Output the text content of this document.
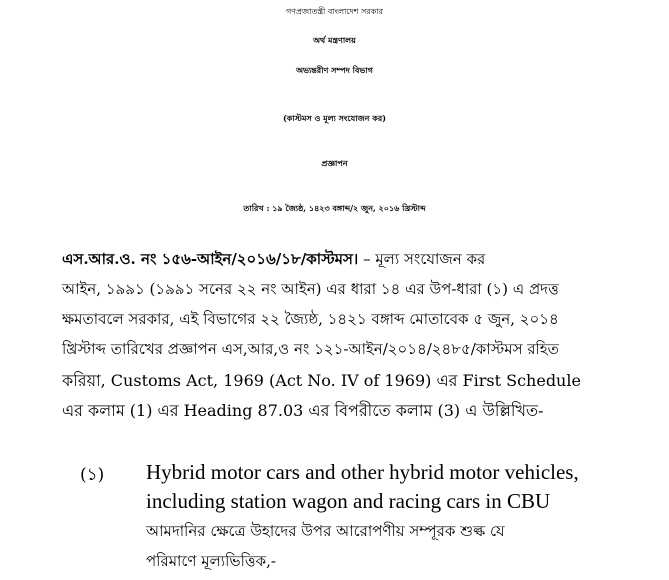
গণপ্রজাতন্ত্রী বাংলাদেশ সরকার
অর্থ মন্ত্রণালয়
অভ্যন্তরীণ সম্পদ বিভাগ
(কাস্টমস ও মূল্য সংযোজন কর)
প্রজ্ঞাপন
তারিখ : ১৯ জ্যৈষ্ঠ, ১৪২৩ বঙ্গাব্দ/২ জুন, ২০১৬ খ্রিস্টাব্দ
এস.আর.ও. নং ১৫৬-আইন/২০১৬/১৮/কাস্টমস। – মূল্য সংযোজন কর
আইন, ১৯৯১ (১৯৯১ সনের ২২ নং আইন) এর ধারা ১৪ এর উপ-ধারা (১) এ প্রদত্ত
ক্ষমতাবলে সরকার, এই বিভাগের ২২ জ্যৈষ্ঠ, ১৪২১ বঙ্গাব্দ মোতাবেক ৫ জুন, ২০১৪
খ্রিস্টাব্দ তারিখের প্রজ্ঞাপন এস,আর,ও নং ১২১-আইন/২০১৪/২৪৮৫/কাস্টমস রহিত
করিয়া, Customs Act, 1969 (Act No. IV of 1969) এর First Schedule
এর কলাম (1) এর Heading 87.03 এর বিপরীতে কলাম (3) এ উল্লিখিত-
(১) Hybrid motor cars and other hybrid motor vehicles,
including station wagon and racing cars in CBU
আমদানির ক্ষেত্রে উহাদের উপর আরোপণীয় সম্পূরক শুল্ক যে
পরিমাণে মূল্যভিত্তিক,-
